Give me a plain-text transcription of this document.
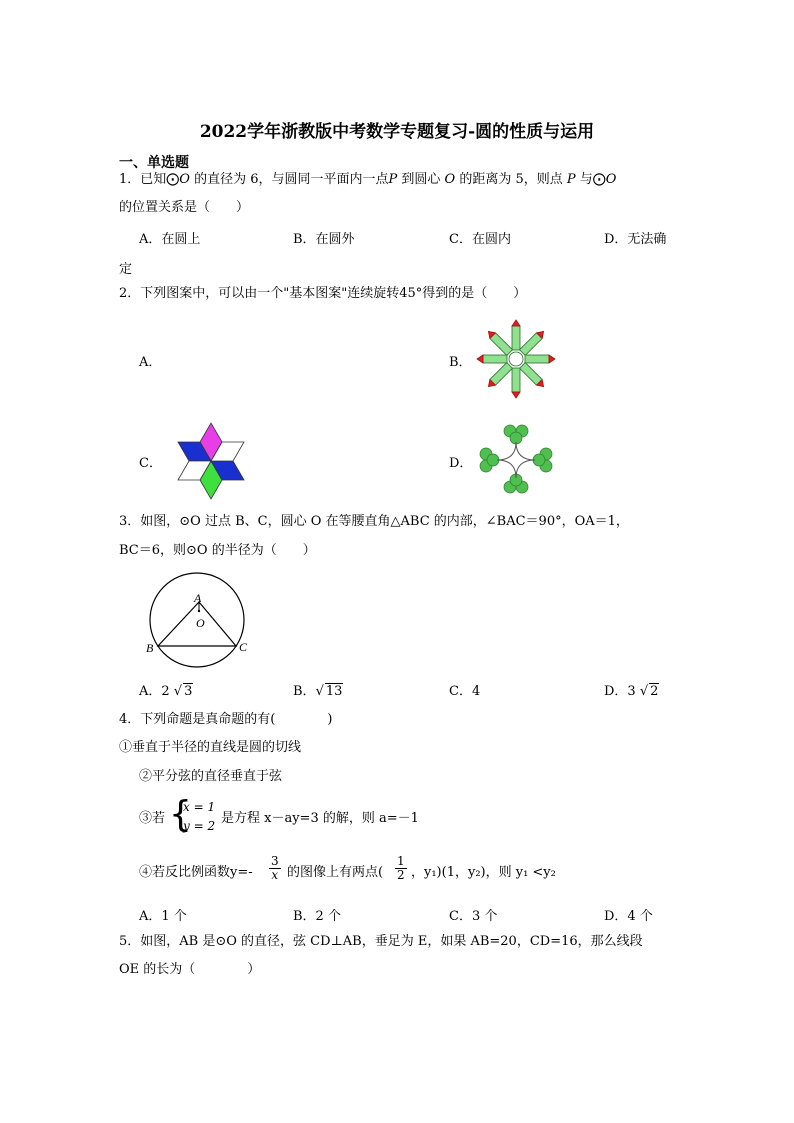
2022学年浙教版中考数学专题复习-圆的性质与运用
一、单选题
1．已知⨀O 的直径为 6，与圆同一平面内一点P 到圆心 O 的距离为 5，则点 P 与⨀O
的位置关系是（　　）
A．在圆上	B．在圆外	C．在圆内	D．无法确
定
2．下列图案中，可以由一个"基本图案"连续旋转45°得到的是（　　）
A．	B．
C．	D．
3．如图，⊙O 过点 B、C，圆心 O 在等腰直角△ABC 的内部，∠BAC＝90°，OA＝1，
BC＝6，则⊙O 的半径为（　　）
A
O
B	C
A．2 √ 3	B．√ 13	C．4	D．3 √ 2
4．下列命题是真命题的有(　　　　)
①垂直于半径的直线是圆的切线
②平分弦的直径垂直于弦
③若 {
x = 1
y = 2 是方程 x－ay=3 的解，则 a=－1
④若反比例函数$y=- \frac{3}{x}$ 的图像上有两点( $\frac{1}{2}$ ，y₁)(1，y₂)，则 y₁ <y₂
A．1 个	B．2 个	C．3 个	D．4 个
5．如图，AB 是⊙O 的直径，弦 CD⊥AB，垂足为 E，如果 AB=20，CD=16，那么线段
OE 的长为（　　　　）
